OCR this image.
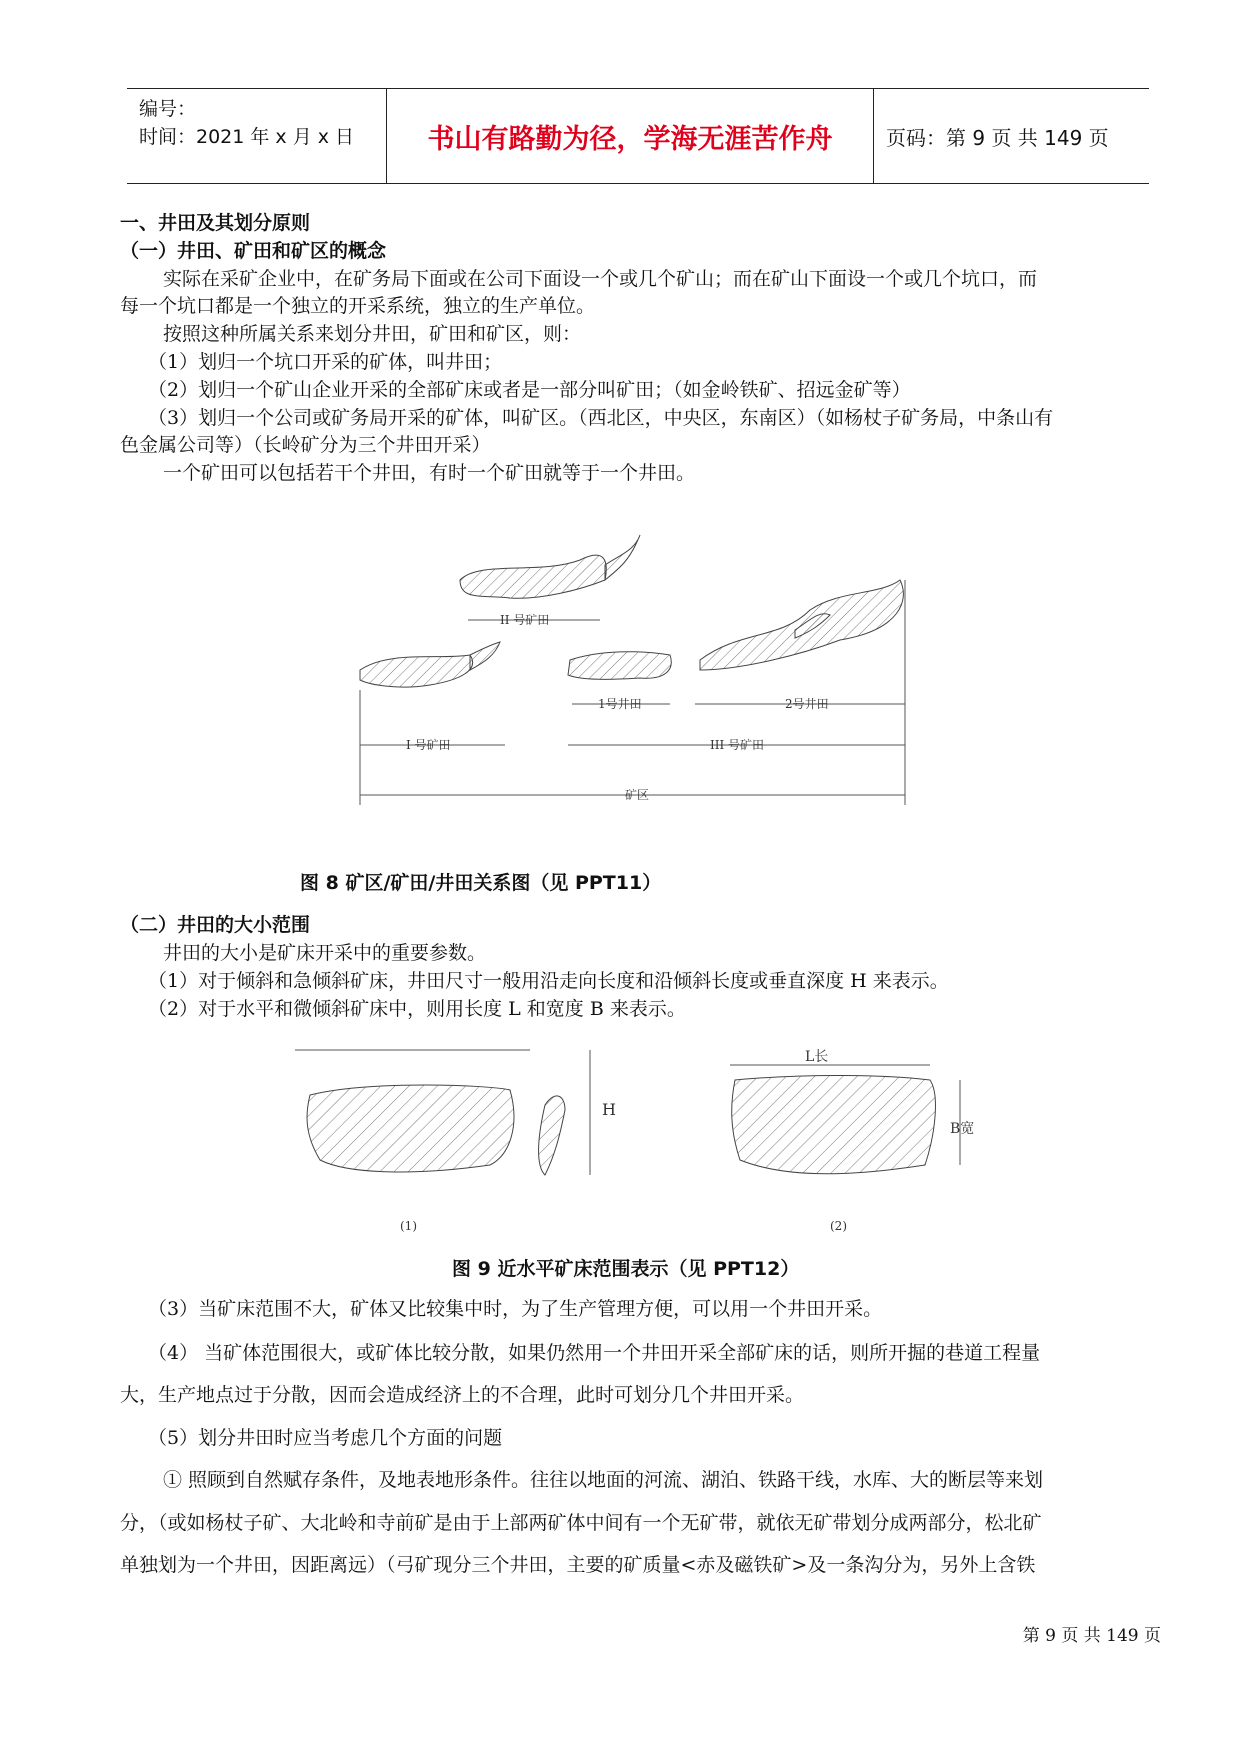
编号：
时间：2021 年 x 月 x 日	书山有路勤为径，学海无涯苦作舟	页码：第 9 页 共 149 页
一、井田及其划分原则
（一）井田、矿田和矿区的概念
实际在采矿企业中，在矿务局下面或在公司下面设一个或几个矿山；而在矿山下面设一个或几个坑口，而
每一个坑口都是一个独立的开采系统，独立的生产单位。
按照这种所属关系来划分井田，矿田和矿区，则：
（1）划归一个坑口开采的矿体，叫井田；
（2）划归一个矿山企业开采的全部矿床或者是一部分叫矿田；（如金岭铁矿、招远金矿等）
（3）划归一个公司或矿务局开采的矿体，叫矿区。（西北区，中央区，东南区）（如杨杖子矿务局，中条山有
色金属公司等）（长岭矿分为三个井田开采）
一个矿田可以包括若干个井田，有时一个矿田就等于一个井田。
II 号矿田
1号井田	2号井田
I 号矿田	III 号矿田
矿区
图 8 矿区/矿田/井田关系图（见 PPT11）
（二）井田的大小范围
井田的大小是矿床开采中的重要参数。
（1）对于倾斜和急倾斜矿床，井田尺寸一般用沿走向长度和沿倾斜长度或垂直深度 H 来表示。
（2）对于水平和微倾斜矿床中，则用长度 L 和宽度 B 来表示。
H
(1)
L长
B宽
(2)
图 9 近水平矿床范围表示（见 PPT12）
（3）当矿床范围不大，矿体又比较集中时，为了生产管理方便，可以用一个井田开采。
（4） 当矿体范围很大，或矿体比较分散，如果仍然用一个井田开采全部矿床的话，则所开掘的巷道工程量
大，生产地点过于分散，因而会造成经济上的不合理，此时可划分几个井田开采。
（5）划分井田时应当考虑几个方面的问题
① 照顾到自然赋存条件，及地表地形条件。往往以地面的河流、湖泊、铁路干线，水库、大的断层等来划
分，（或如杨杖子矿、大北岭和寺前矿是由于上部两矿体中间有一个无矿带，就依无矿带划分成两部分，松北矿
单独划为一个井田，因距离远）（弓矿现分三个井田，主要的矿质量<赤及磁铁矿>及一条沟分为，另外上含铁
第 9 页 共 149 页
